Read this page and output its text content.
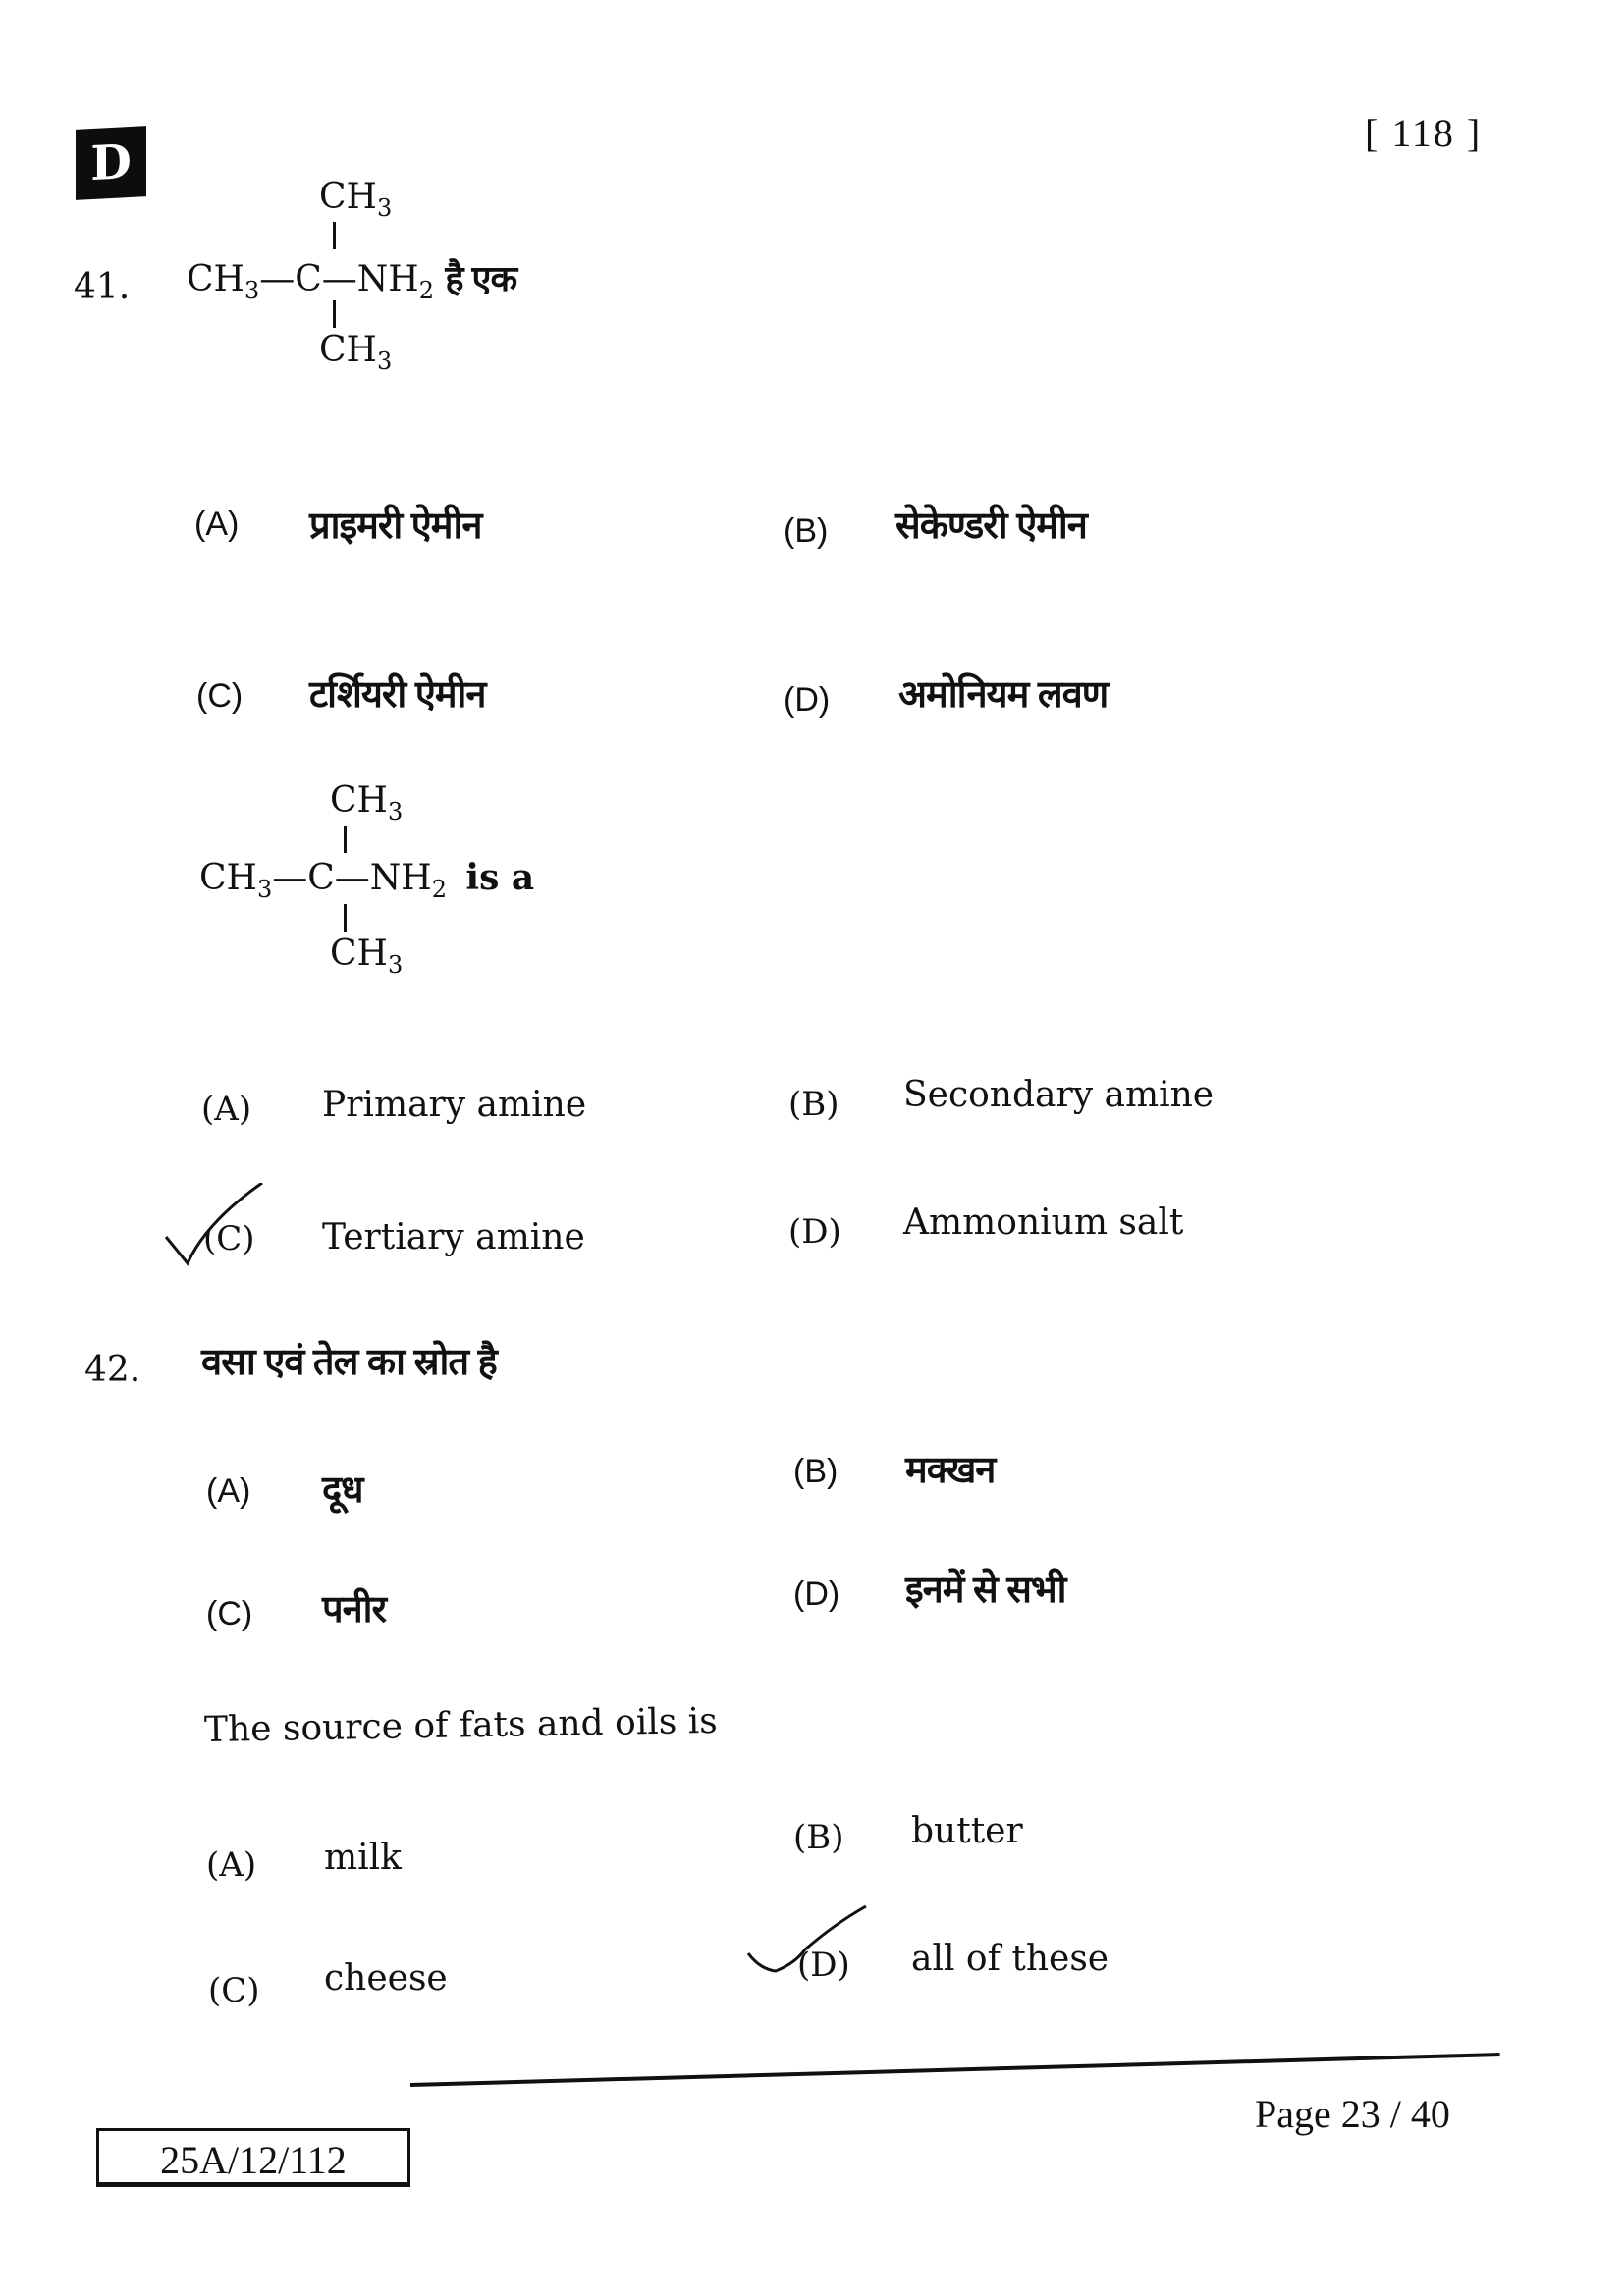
D
[ 118 ]
41.
$CH_3$
$CH_3—C—NH_2$ है एक
$CH_3$
(A) प्राइमरी ऐमीन	(B) सेकेण्डरी ऐमीन
(C) टर्शियरी ऐमीन	(D) अमोनियम लवण
$CH_3$
$CH_3—C—NH_2$ is a
$CH_3$
(A) Primary amine	(B) Secondary amine
(C) Tertiary amine	(D) Ammonium salt
42. वसा एवं तेल का स्रोत है
(A) दूध	(B) मक्खन
(C) पनीर	(D) इनमें से सभी
The source of fats and oils is
(A) milk	(B) butter
(C) cheese	(D) all of these
Page 23 / 40
25A/12/112
